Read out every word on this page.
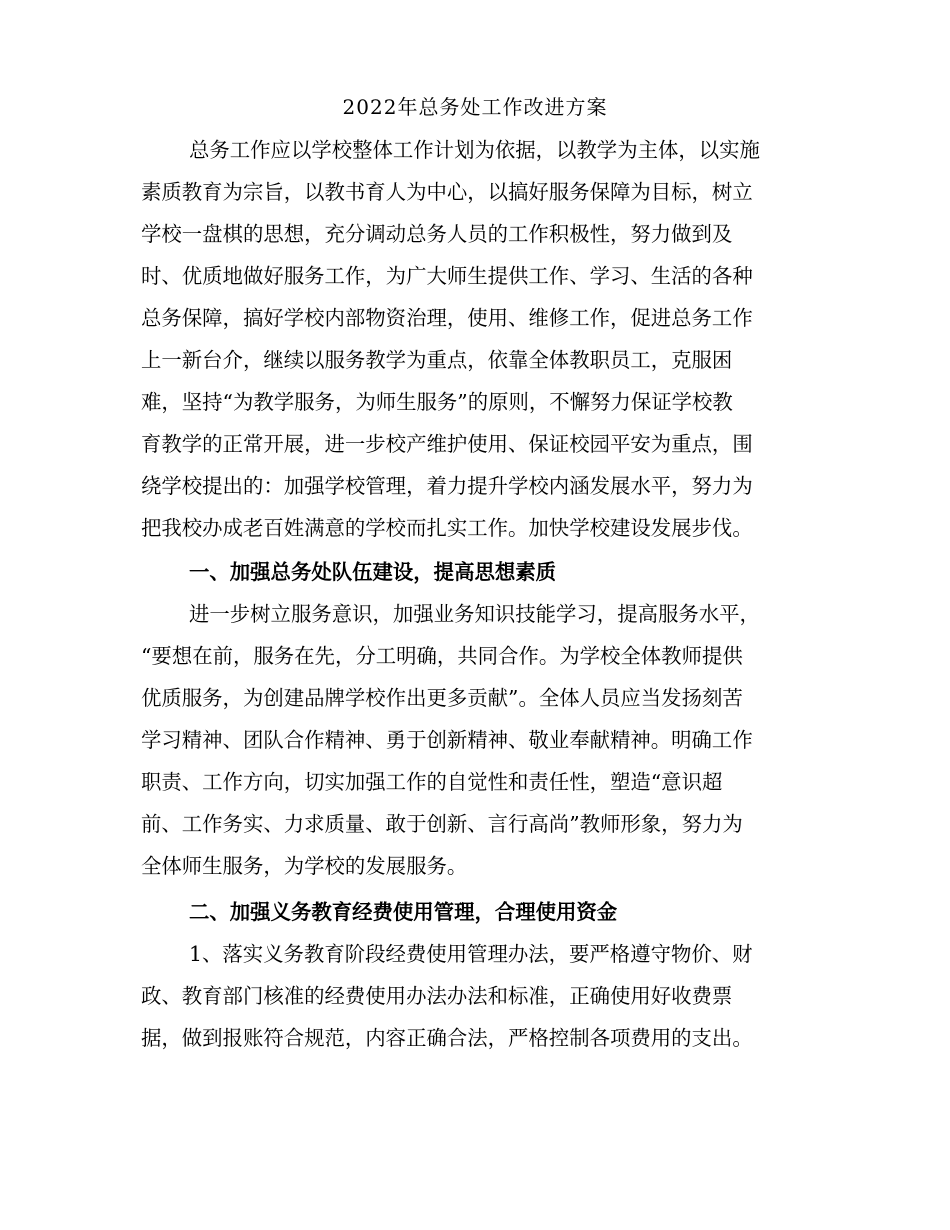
2022年总务处工作改进方案

总务工作应以学校整体工作计划为依据，以教学为主体，以实施

素质教育为宗旨，以教书育人为中心，以搞好服务保障为目标，树立

学校一盘棋的思想，充分调动总务人员的工作积极性，努力做到及

时、优质地做好服务工作，为广大师生提供工作、学习、生活的各种

总务保障，搞好学校内部物资治理，使用、维修工作，促进总务工作

上一新台介，继续以服务教学为重点，依靠全体教职员工，克服困

难，坚持“为教学服务，为师生服务”的原则，不懈努力保证学校教

育教学的正常开展，进一步校产维护使用、保证校园平安为重点，围

绕学校提出的：加强学校管理，着力提升学校内涵发展水平，努力为

把我校办成老百姓满意的学校而扎实工作。加快学校建设发展步伐。

一、加强总务处队伍建设，提高思想素质

进一步树立服务意识，加强业务知识技能学习，提高服务水平，

“要想在前，服务在先，分工明确，共同合作。为学校全体教师提供

优质服务，为创建品牌学校作出更多贡献”。全体人员应当发扬刻苦

学习精神、团队合作精神、勇于创新精神、敬业奉献精神。明确工作

职责、工作方向，切实加强工作的自觉性和责任性，塑造“意识超

前、工作务实、力求质量、敢于创新、言行高尚”教师形象，努力为

全体师生服务，为学校的发展服务。

二、加强义务教育经费使用管理，合理使用资金

1、落实义务教育阶段经费使用管理办法，要严格遵守物价、财

政、教育部门核准的经费使用办法办法和标准，正确使用好收费票

据，做到报账符合规范，内容正确合法，严格控制各项费用的支出。
